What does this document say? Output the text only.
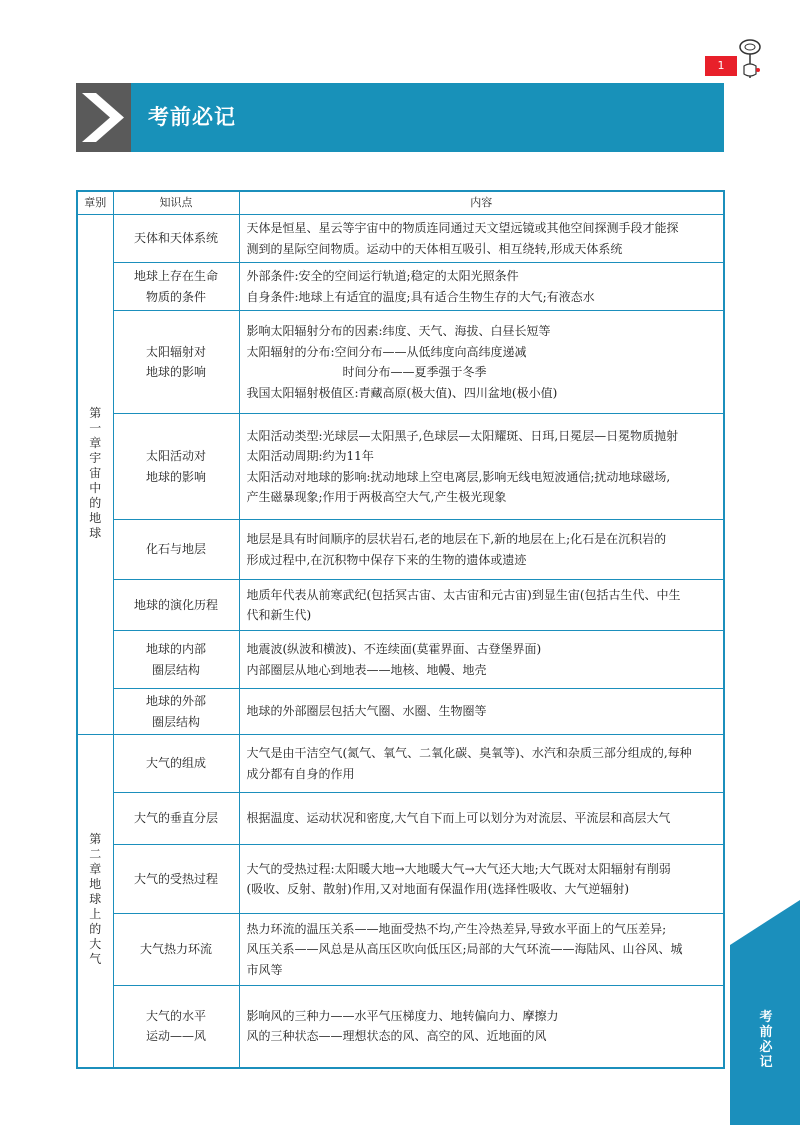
1
考前必记
章别	知识点	内容
第一章宇宙中的地球	天体和天体系统	天体是恒星、星云等宇宙中的物质连同通过天文望远镜或其他空间探测手段才能探
测到的星际空间物质。运动中的天体相互吸引、相互绕转,形成天体系统

	地球上存在生命
物质的条件	外部条件:安全的空间运行轨道;稳定的太阳光照条件
自身条件:地球上有适宜的温度;具有适合生物生存的大气;有液态水

	太阳辐射对
地球的影响	影响太阳辐射分布的因素:纬度、天气、海拔、白昼长短等
太阳辐射的分布:空间分布——从低纬度向高纬度递减
时间分布——夏季强于冬季
我国太阳辐射极值区:青藏高原(极大值)、四川盆地(极小值)

	太阳活动对
地球的影响	太阳活动类型:光球层—太阳黑子,色球层—太阳耀斑、日珥,日冕层—日冕物质抛射
太阳活动周期:约为11年
太阳活动对地球的影响:扰动地球上空电离层,影响无线电短波通信;扰动地球磁场,
产生磁暴现象;作用于两极高空大气,产生极光现象

	化石与地层	地层是具有时间顺序的层状岩石,老的地层在下,新的地层在上;化石是在沉积岩的
形成过程中,在沉积物中保存下来的生物的遗体或遗迹

	地球的演化历程	地质年代表从前寒武纪(包括冥古宙、太古宙和元古宙)到显生宙(包括古生代、中生
代和新生代)

	地球的内部
圈层结构	地震波(纵波和横波)、不连续面(莫霍界面、古登堡界面)
内部圈层从地心到地表——地核、地幔、地壳

	地球的外部
圈层结构	地球的外部圈层包括大气圈、水圈、生物圈等

第二章地球上的大气	大气的组成	大气是由干洁空气(氮气、氧气、二氧化碳、臭氧等)、水汽和杂质三部分组成的,每种
成分都有自身的作用

	大气的垂直分层	根据温度、运动状况和密度,大气自下而上可以划分为对流层、平流层和高层大气

	大气的受热过程	大气的受热过程:太阳暖大地→大地暖大气→大气还大地;大气既对太阳辐射有削弱
(吸收、反射、散射)作用,又对地面有保温作用(选择性吸收、大气逆辐射)

	大气热力环流	热力环流的温压关系——地面受热不均,产生冷热差异,导致水平面上的气压差异;
风压关系——风总是从高压区吹向低压区;局部的大气环流——海陆风、山谷风、城
市风等

	大气的水平
运动——风	影响风的三种力——水平气压梯度力、地转偏向力、摩擦力
风的三种状态——理想状态的风、高空的风、近地面的风
考前必记
